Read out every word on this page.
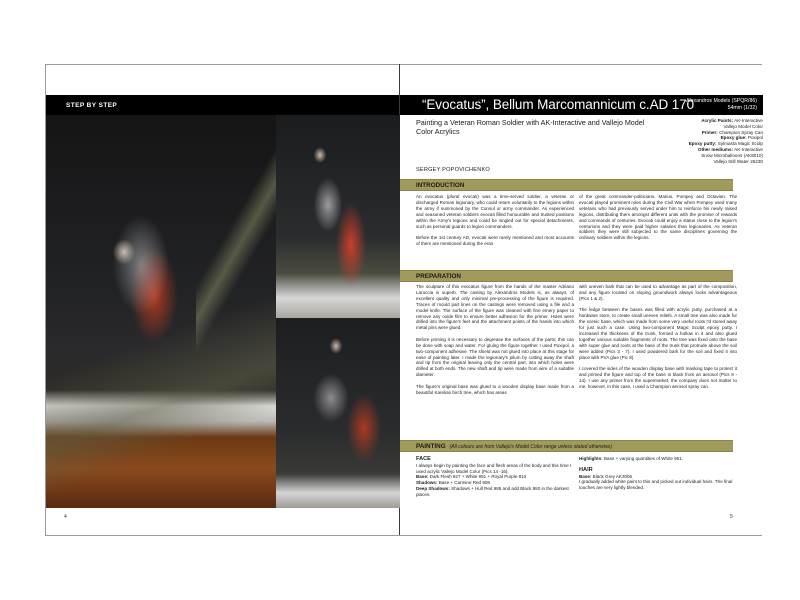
STEP BY STEP
4
“Evocatus”, Bellum Marcomannicum c.AD 170
Alexandros Models (SPQR/86)
54mm (1/32)
Painting a Veteran Roman Soldier with AK-Interactive and Vallejo Model Color Acrylics
Acrylic Paints: AK-Interactive
Vallejo Model Color
Primer: Champion Spray Can
Epoxy glue: Poxipol
Epoxy putty: Sylmasta Magic Sculp
Other mediums: AK-Interactive
Snow Microballoons (AK8010)
Vallejo Still Water 26230
SERGEY POPOVICHENKO
INTRODUCTION

An evocatus (plural evocati) was a time-served soldier, a veteran or discharged Roman legionary, who could return voluntarily to the legions within the army if summoned by the Consul or army commander. As experienced and seasoned veteran soldiers evocati filled honourable and trusted positions within the Army's legions and could be singled out for special detachments, such as personal guards to legion commanders.

Before the 1st century AD, evocati were rarely mentioned and most accounts of them are mentioned during the eras

of the great commander-politicians, Marius, Pompey and Octavian. The evocati played prominent roles during the Civil War when Pompey used many veterans who had previously served under him to reinforce his newly raised legions, distributing them amongst different units with the promise of rewards and commands of centuries. Evocati could enjoy a status close to the legion's centurions and they were paid higher salaries than legionaries. As veteran soldiers they were still subjected to the same disciplines governing the ordinary soldiers within the legions.

PREPARATION

The sculpture of this evocatus figure from the hands of the master Adriano Laruccia is superb. The casting by Alexandros Models is, as always, of excellent quality and only minimal pre-processing of the figure is required. Traces of mould part lines on the castings were removed using a file and a model knife. The surface of the figure was cleaned with fine emery paper to remove any oxide film to ensure better adhesion for the primer. Holes were drilled into the figure's feet and the attachment points of the hands into which metal pins were glued.

Before priming it is necessary to degrease the surfaces of the parts; this can be done with soap and water. For gluing the figure together I used Poxipol, a two-component adhesive. The shield was not glued into place at this stage for ease of painting later. I made the legionary's pilum by cutting away the shaft and tip from the original leaving only the central part, into which holes were drilled at both ends. The new shaft and tip were made from wire of a suitable diameter.

The figure's original base was glued to a wooden display base made from a beautiful Karelian birch tree, which has areas

with uneven bark that can be used to advantage as part of the composition, and any figure located on sloping groundwork always looks advantageous (Pics 1 & 2).

The ledge between the bases was filled with acrylic putty, purchased at a hardware store, to create small uneven reliefs. A small tree was also made for the scenic base, which was made from some very useful roots I'd stored away for just such a case. Using two-component Magic Sculpt epoxy putty, I increased the thickness of the trunk, formed a hollow in it and also glued together various suitable fragments of roots. The tree was fixed onto the base with super glue and roots at the base of the trunk that protrude above the soil were added (Pics 3 - 7). I used powdered bark for the soil and fixed it into place with PVA glue (Pic 8).

I covered the sides of the wooden display base with masking tape to protect it and primed the figure and top of the base in black from an aerosol (Pics 9 - 14). I use any primer from the supermarket, the company does not matter to me, however, in this case, I used a Champion aerosol spray can.

PAINTING (All colours are from Vallejo's Model Color range unless stated otherwise)
FACE
I always begin by painting the face and flesh areas of the body and this time I used acrylic Vallejo Model Color (Pics 14 -16).
Base: Dark Flesh 927 + White 951 + Royal Purple 810
Shadows: Base + Carmine Red 908
Deep Shadows: Shadows + Hull Red 985 and add Black 950 in the darkest places.
Highlights: Base + varying quantities of White 951.
HAIR
Base: Black Grey AK3006
I gradually added white paint to this and picked out individual hairs. The final touches are very lightly blended.
5
